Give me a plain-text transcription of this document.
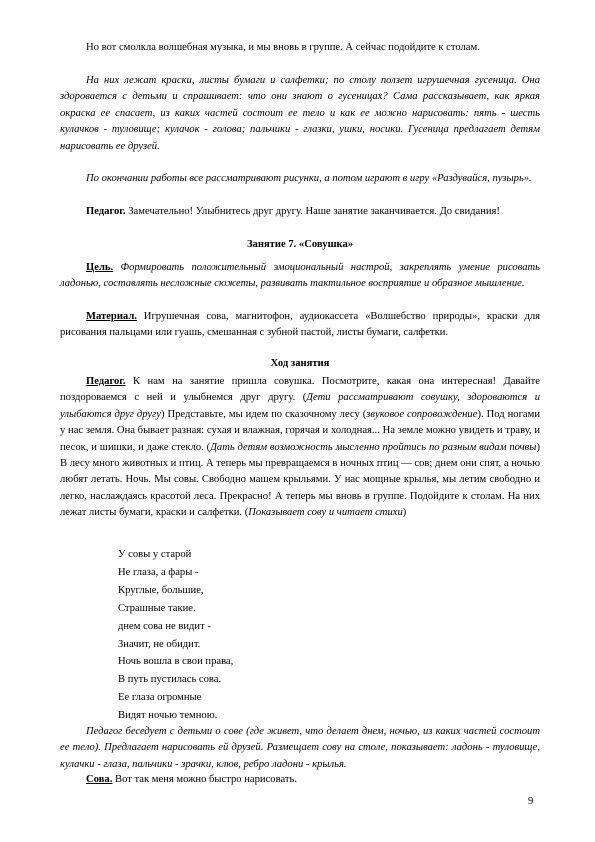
Но вот смолкла волшебная музыка, и мы вновь в группе. А сейчас подойдите к столам.

На них лежат краски, листы бумаги и салфетки; по столу ползет игрушечная гусеница. Она здоровается с детьми и спрашивает: что они знают о гусеницах? Сама рассказывает, как яркая окраска ее спасает, из каких частей состоит ее тело и как ее можно нарисовать: пять - шесть кулачков - туловище; кулачок - голова; пальчики - глазки, ушки, носики. Гусеница предлагает детям нарисовать ее друзей.

По окончании работы все рассматривают рисунки, а потом играют в игру «Раздувайся, пузырь».

Педагог. Замечательно! Улыбнитесь друг другу. Наше занятие заканчивается. До свидания!

Занятие 7. «Совушка»

Цель. Формировать положительный эмоциональный настрой, закреплять умение рисовать ладонью, составлять несложные сюжеты, развивать тактильное восприятие и образное мышление.

Материал. Игрушечная сова, магнитофон, аудиокассета «Волшебство природы», краски для рисования пальцами или гуашь, смешанная с зубной пастой, листы бумаги, салфетки.

Ход занятия

Педагог. К нам на занятие пришла совушка. Посмотрите, какая она интересная! Давайте поздороваемся с ней и улыбнемся друг другу. (Дети рассматривают совушку, здороваются и улыбаются друг другу) Представьте, мы идем по сказочному лесу (звуковое сопровождение). Под ногами у нас земля. Она бывает разная: сухая и влажная, горячая и холодная... На земле можно увидеть и траву, и песок, и шишки, и даже стекло. (Дать детям возможность мысленно пройтись по разным видам почвы) В лесу много животных и птиц. А теперь мы превращаемся в ночных птиц — сов; днем они спят, а ночью любят летать. Ночь. Мы совы. Свободно машем крыльями. У нас мощные крылья, мы летим свободно и легко, наслаждаясь красотой леса. Прекрасно! А теперь мы вновь в группе. Подойдите к столам. На них лежат листы бумаги, краски и салфетки. (Показывает сову и читает стихи)

У совы у старой
Не глаза, а фары -
Круглые, большие,
Страшные такие.
днем сова не видит -
Значит, не обидит.
Ночь вошла в свои права,
В путь пустилась сова.
Ее глаза огромные
Видят ночью темною.

Педагог беседует с детьми о сове (где живет, что делает днем, ночью, из каких частей состоит ее тело). Предлагает нарисовать ей друзей. Размещает сову на столе, показывает: ладонь - туловище, кулачки - глаза, пальчики - зрачки, клюв, ребро ладони - крылья.

Сова. Вот так меня можно быстро нарисовать.

9
